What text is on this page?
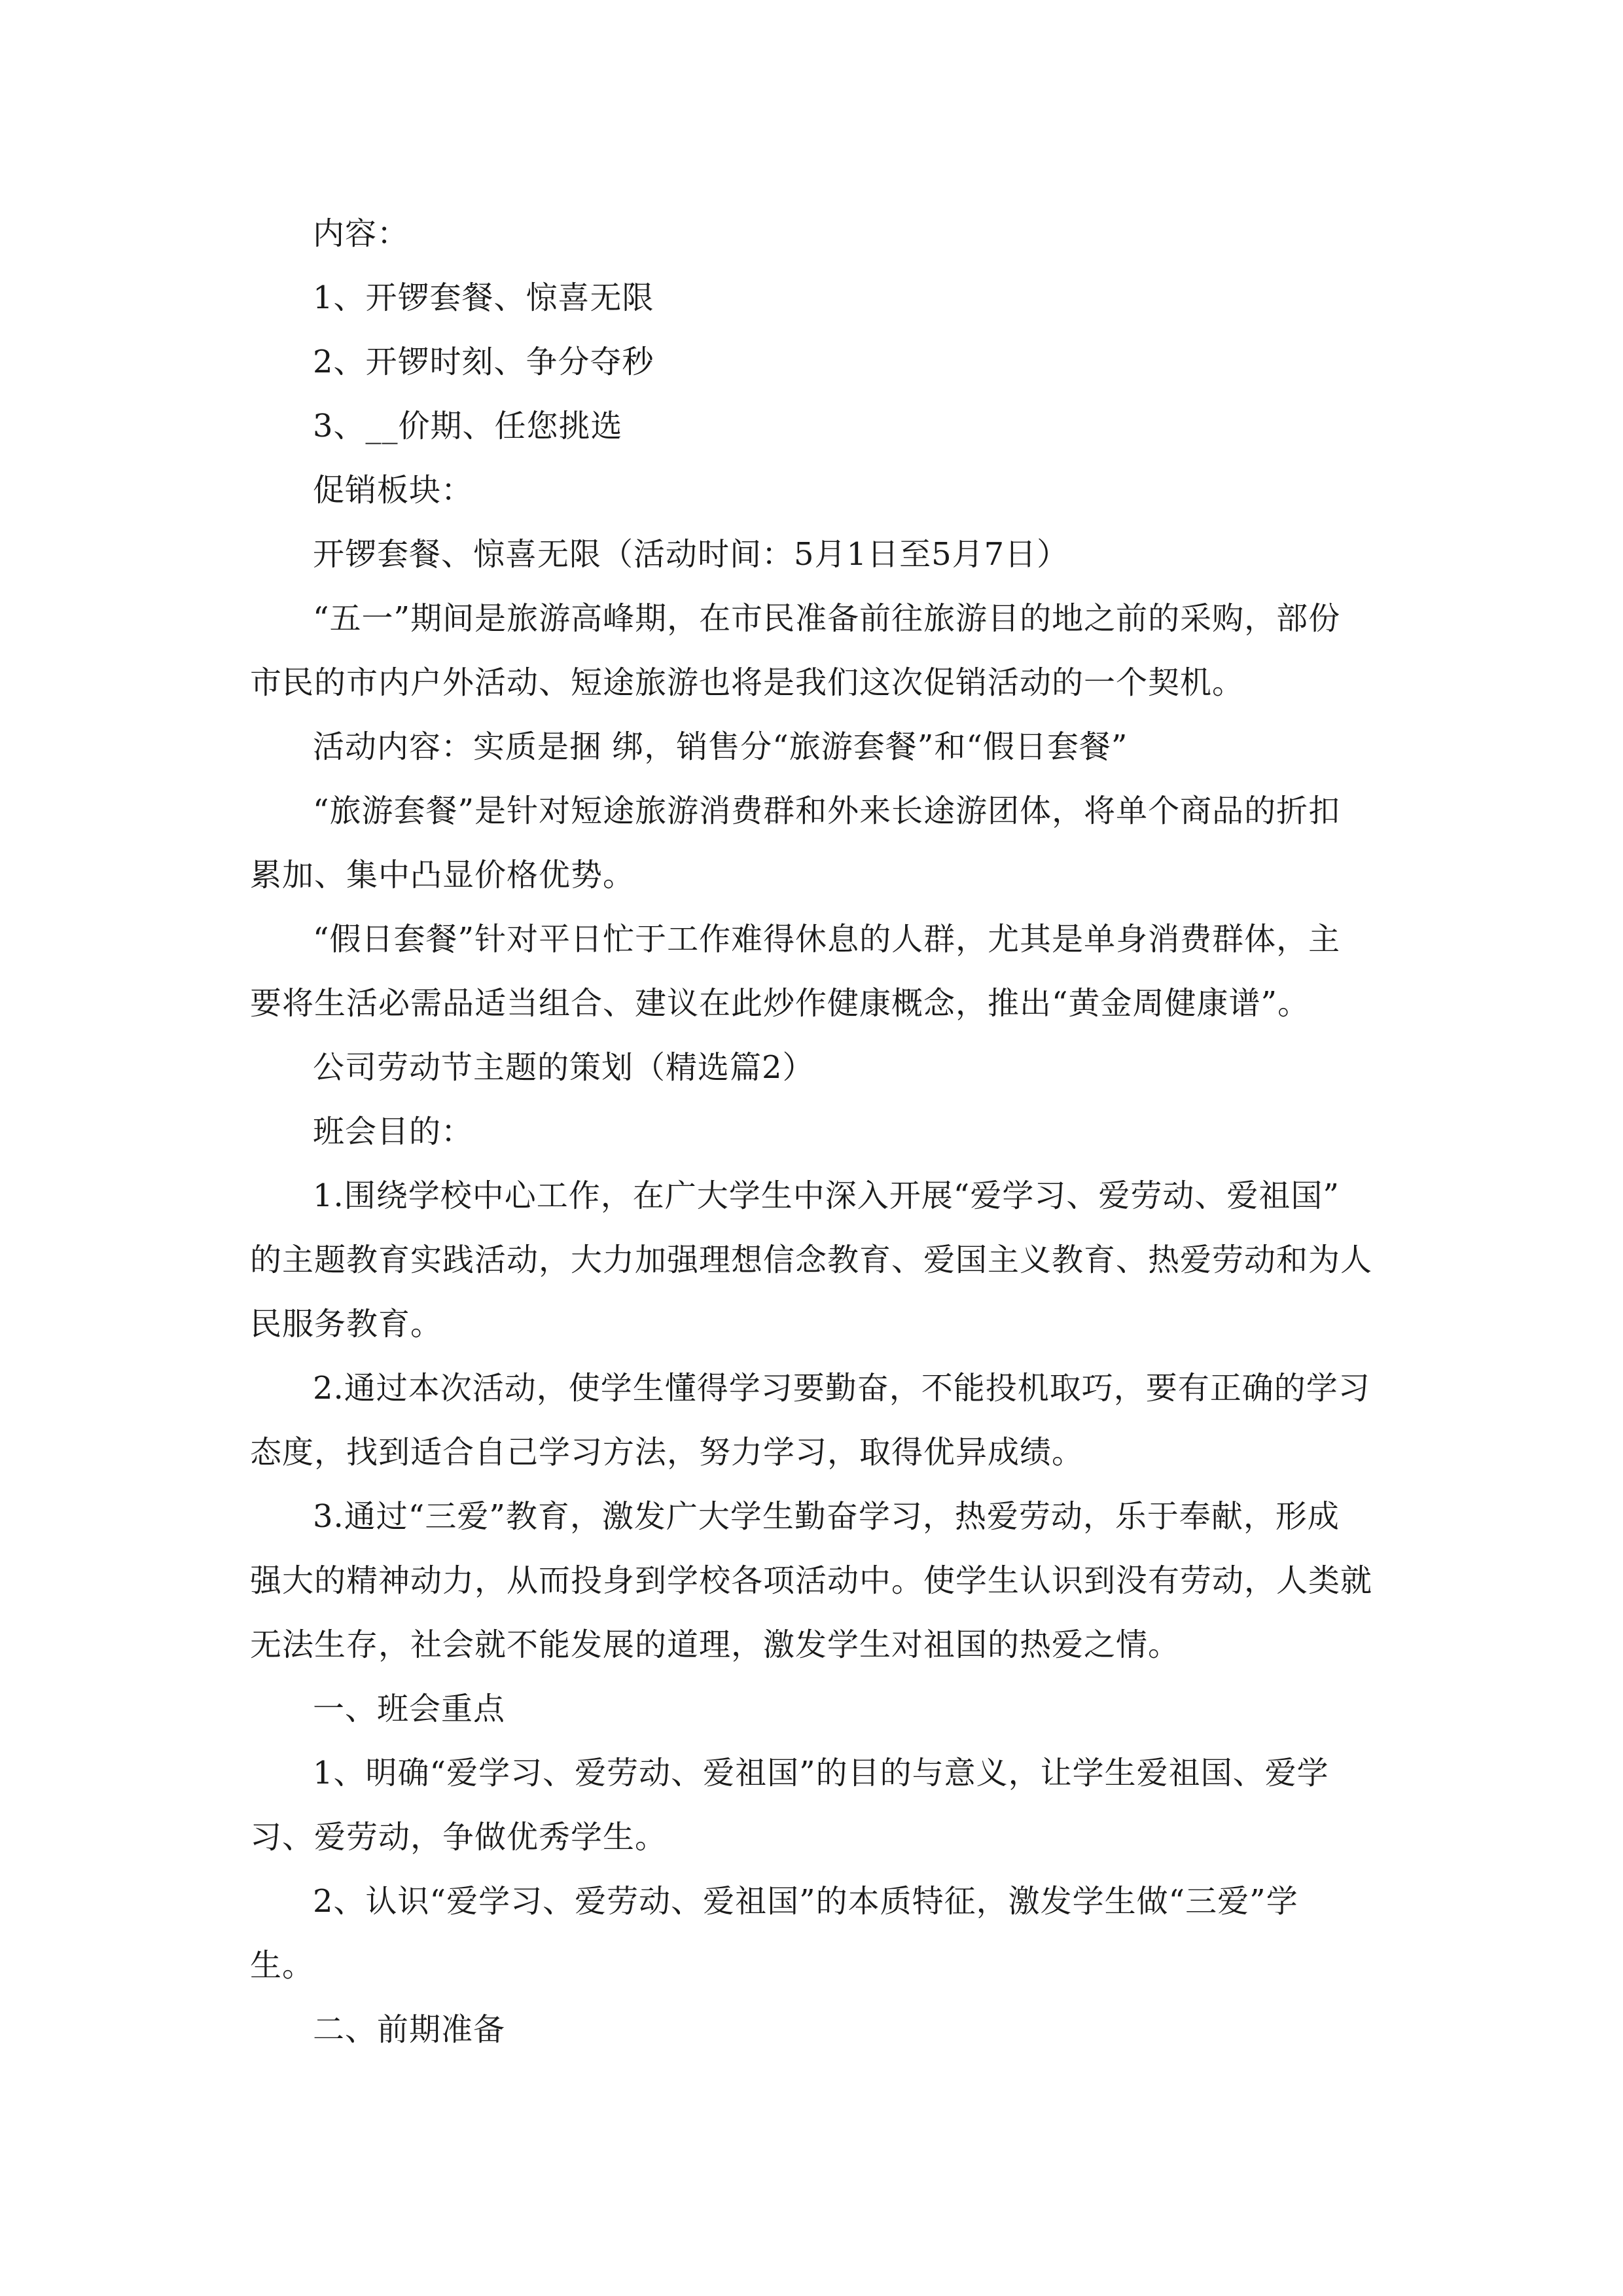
内容：
1、开锣套餐、惊喜无限
2、开锣时刻、争分夺秒
3、__价期、任您挑选
促销板块：
开锣套餐、惊喜无限（活动时间：5月1日至5月7日）
“五一”期间是旅游高峰期，在市民准备前往旅游目的地之前的采购，部份
市民的市内户外活动、短途旅游也将是我们这次促销活动的一个契机。
活动内容：实质是捆 绑，销售分“旅游套餐”和“假日套餐”
“旅游套餐”是针对短途旅游消费群和外来长途游团体，将单个商品的折扣
累加、集中凸显价格优势。
“假日套餐”针对平日忙于工作难得休息的人群，尤其是单身消费群体，主
要将生活必需品适当组合、建议在此炒作健康概念，推出“黄金周健康谱”。
公司劳动节主题的策划（精选篇2）
班会目的：
1.围绕学校中心工作，在广大学生中深入开展“爱学习、爱劳动、爱祖国”
的主题教育实践活动，大力加强理想信念教育、爱国主义教育、热爱劳动和为人
民服务教育。
2.通过本次活动，使学生懂得学习要勤奋，不能投机取巧，要有正确的学习
态度，找到适合自己学习方法，努力学习，取得优异成绩。
3.通过“三爱”教育，激发广大学生勤奋学习，热爱劳动，乐于奉献，形成
强大的精神动力，从而投身到学校各项活动中。使学生认识到没有劳动，人类就
无法生存，社会就不能发展的道理，激发学生对祖国的热爱之情。
一、班会重点
1、明确“爱学习、爱劳动、爱祖国”的目的与意义，让学生爱祖国、爱学
习、爱劳动，争做优秀学生。
2、认识“爱学习、爱劳动、爱祖国”的本质特征，激发学生做“三爱”学
生。
二、前期准备
